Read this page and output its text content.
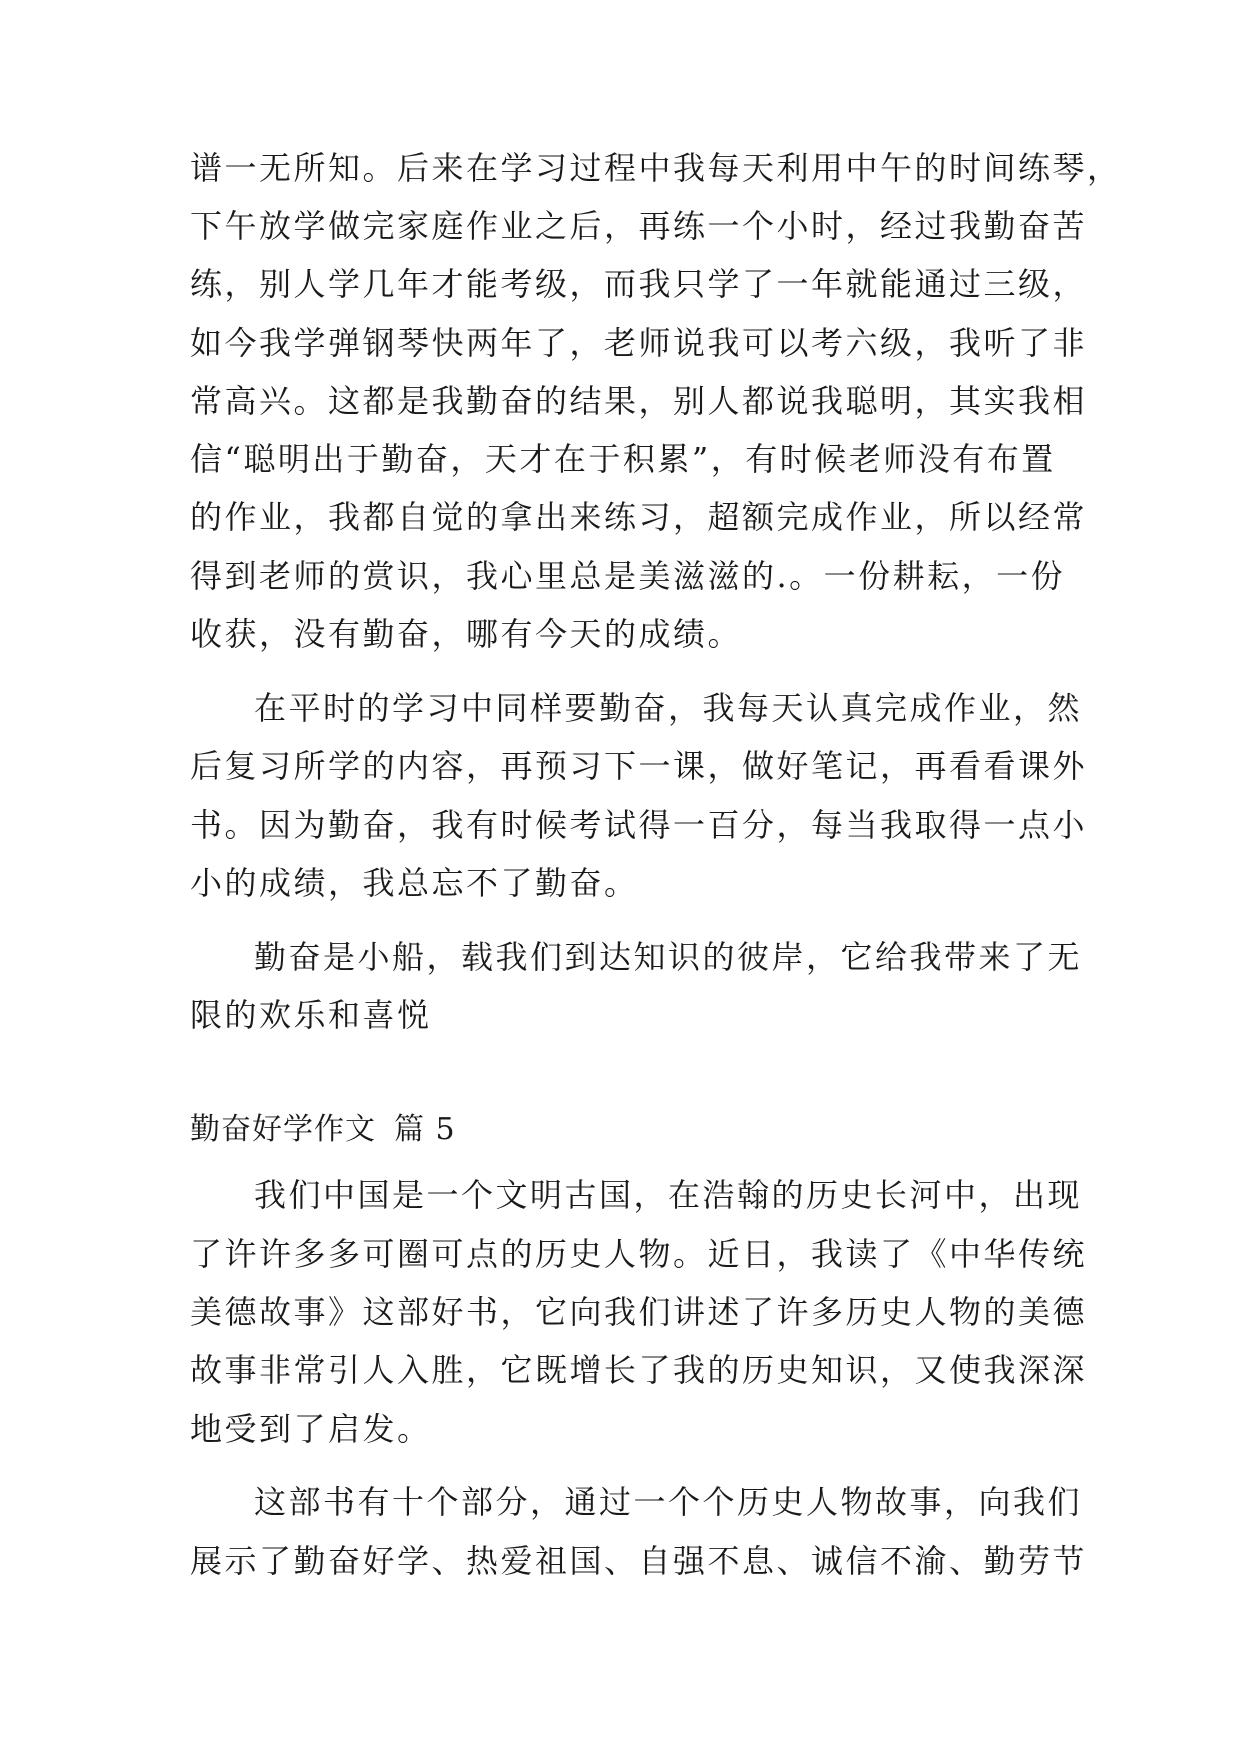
谱一无所知。后来在学习过程中我每天利用中午的时间练琴，
下午放学做完家庭作业之后，再练一个小时，经过我勤奋苦
练，别人学几年才能考级，而我只学了一年就能通过三级，
如今我学弹钢琴快两年了，老师说我可以考六级，我听了非
常高兴。这都是我勤奋的结果，别人都说我聪明，其实我相
信“聪明出于勤奋，天才在于积累”，有时候老师没有布置
的作业，我都自觉的拿出来练习，超额完成作业，所以经常
得到老师的赏识，我心里总是美滋滋的.。一份耕耘，一份
收获，没有勤奋，哪有今天的成绩。
在平时的学习中同样要勤奋，我每天认真完成作业，然
后复习所学的内容，再预习下一课，做好笔记，再看看课外
书。因为勤奋，我有时候考试得一百分，每当我取得一点小
小的成绩，我总忘不了勤奋。
勤奋是小船，载我们到达知识的彼岸，它给我带来了无
限的欢乐和喜悦
勤奋好学作文 篇 5
我们中国是一个文明古国，在浩翰的历史长河中，出现
了许许多多可圈可点的历史人物。近日，我读了《中华传统
美德故事》这部好书，它向我们讲述了许多历史人物的美德
故事非常引人入胜，它既增长了我的历史知识，又使我深深
地受到了启发。
这部书有十个部分，通过一个个历史人物故事，向我们
展示了勤奋好学、热爱祖国、自强不息、诚信不渝、勤劳节
